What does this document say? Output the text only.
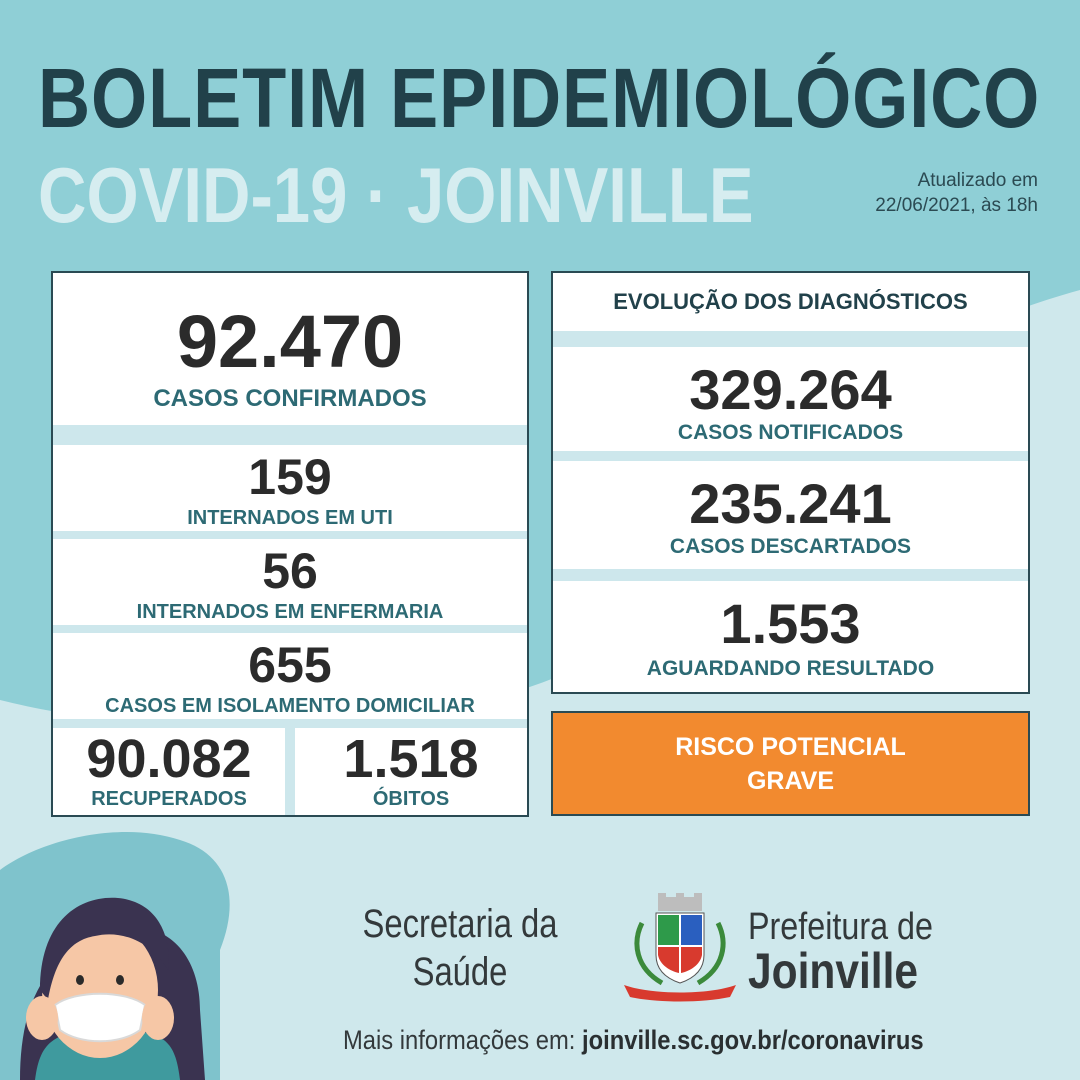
BOLETIM EPIDEMIOLÓGICO
COVID-19 · JOINVILLE	Atualizado em
22/06/2021, às 18h
92.470
CASOS CONFIRMADOS
159
INTERNADOS EM UTI
56
INTERNADOS EM ENFERMARIA
655
CASOS EM ISOLAMENTO DOMICILIAR
90.082
RECUPERADOS
1.518
ÓBITOS
EVOLUÇÃO DOS DIAGNÓSTICOS
329.264
CASOS NOTIFICADOS
235.241
CASOS DESCARTADOS
1.553
AGUARDANDO RESULTADO
RISCO POTENCIAL
GRAVE
Secretaria da
Saúde
Prefeitura de
Joinville
Mais informações em: joinville.sc.gov.br/coronavirus
